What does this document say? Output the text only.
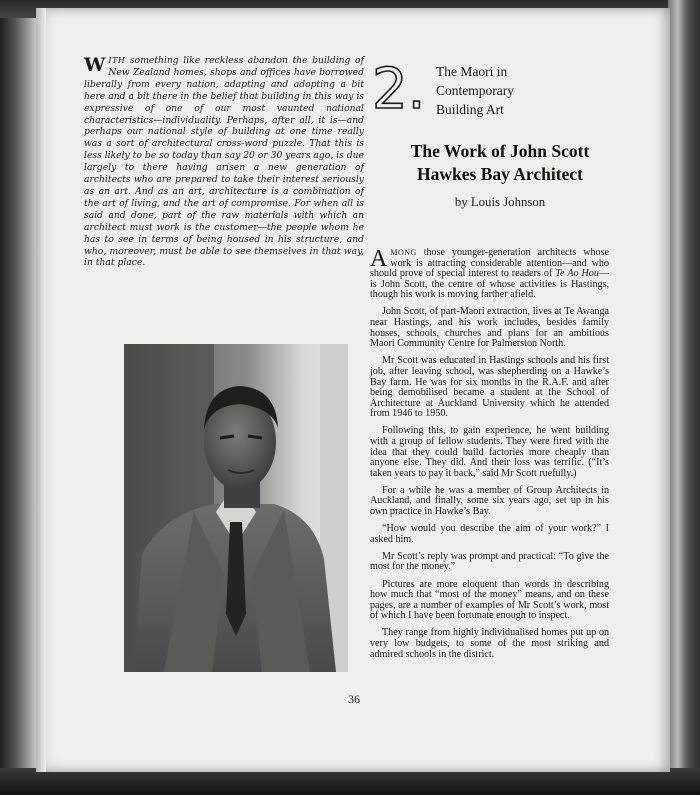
WITH something like reckless abandon the building of New Zealand homes, shops and offices have borrowed liberally from every nation, adapting and adopting a bit here and a bit there in the belief that building in this way is expressive of one of our most vaunted national characteristics—individuality. Perhaps, after all, it is—and perhaps our national style of building at one time really was a sort of architectural cross-word puzzle. That this is less likely to be so today than say 20 or 30 years ago, is due largely to there having arisen a new generation of architects who are prepared to take their interest seriously as an art. And as an art, architecture is a combination of the art of living, and the art of compromise. For when all is said and done, part of the raw materials with which an architect must work is the customer—the people whom he has to see in terms of being housed in his structure, and who, moreover, must be able to see themselves in that way, in that place.

2. The Maori in

Contemporary

Building Art

The Work of John Scott
Hawkes Bay Architect

by Louis Johnson

AMONG those younger-generation architects whose work is attracting considerable attention—and who should prove of special interest to readers of Te Ao Hou—is John Scott, the centre of whose activities is Hastings, though his work is moving farther afield.

John Scott, of part-Maori extraction, lives at Te Awanga near Hastings, and his work includes, besides family houses, schools, churches and plans for an ambitious Maori Community Centre for Palmerston North.

Mr Scott was educated in Hastings schools and his first job, after leaving school, was shepherding on a Hawke’s Bay farm. He was for six months in the R.A.F. and after being demobilised became a student at the School of Architecture at Auckland University which he attended from 1946 to 1950.

Following this, to gain experience, he went building with a group of fellow students. They were fired with the idea that they could build factories more cheaply than anyone else. They did. And their loss was terrific. (“It’s taken years to pay it back,” said Mr Scott ruefully.)

For a while he was a member of Group Architects in Auckland, and finally, some six years ago, set up in his own practice in Hawke’s Bay.

“How would you describe the aim of your work?” I asked him.

Mr Scott’s reply was prompt and practical: “To give the most for the money.”

Pictures are more eloquent than words in describing how much that “most of the money” means, and on these pages, are a number of examples of Mr Scott’s work, most of which I have been fortunate enough to inspect.

They range from highly individualised homes put up on very low budgets, to some of the most striking and admired schools in the district.

36
